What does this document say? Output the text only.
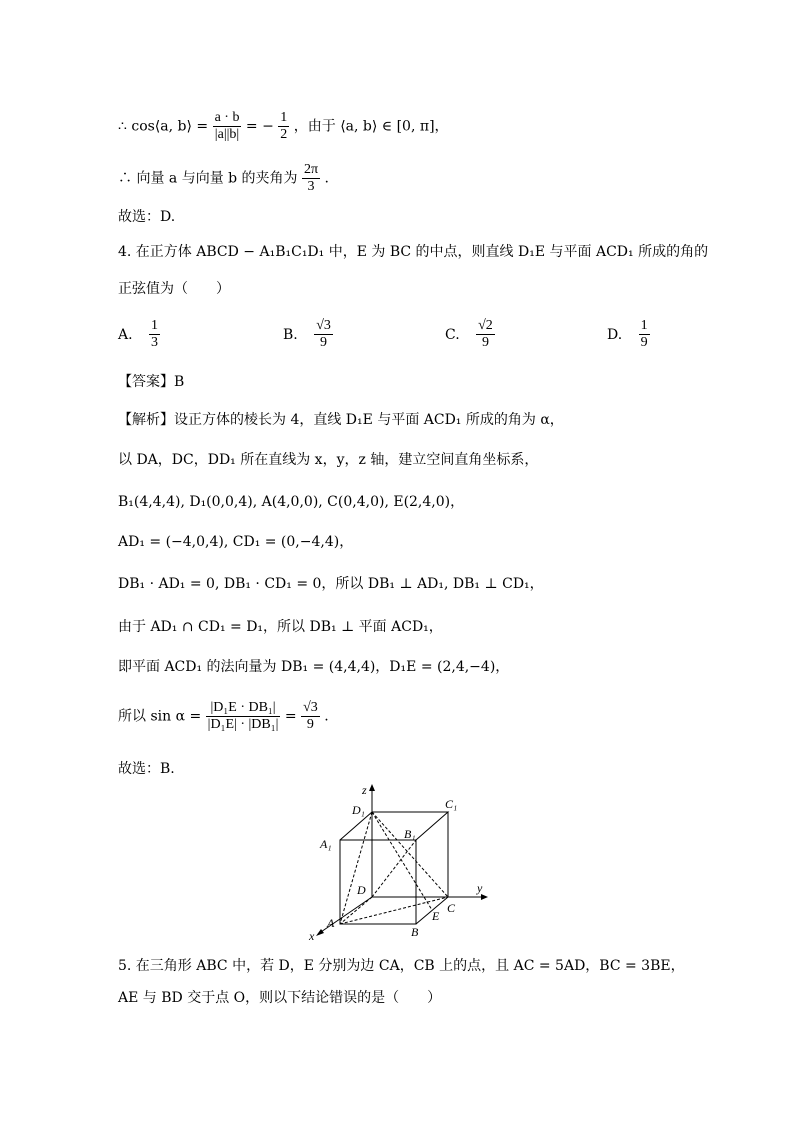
∴ cos⟨a, b⟩ = $\frac{a \cdot b}{|a||b|}$ = − $\frac{1}{2}$ ，由于 ⟨a, b⟩ ∈ [0, π]，
∴ 向量 a 与向量 b 的夹角为 $\frac{2\pi}{3}$ .
故选：D.
4. 在正方体 ABCD − A₁B₁C₁D₁ 中，E 为 BC 的中点，则直线 D₁E 与平面 ACD₁ 所成的角的
正弦值为（　　）
A. $\frac{1}{3}$	B. $\frac{√3}{9}$	C. $\frac{√2}{9}$	D. $\frac{1}{9}$
【答案】B
【解析】设正方体的棱长为 4，直线 D₁E 与平面 ACD₁ 所成的角为 α，
以 DA，DC，DD₁ 所在直线为 x，y，z 轴，建立空间直角坐标系，
B₁(4,4,4), D₁(0,0,4), A(4,0,0), C(0,4,0), E(2,4,0)，
AD₁ = (−4,0,4), CD₁ = (0,−4,4)，
DB₁ · AD₁ = 0, DB₁ · CD₁ = 0，所以 DB₁ ⊥ AD₁, DB₁ ⊥ CD₁，
由于 AD₁ ∩ CD₁ = D₁，所以 DB₁ ⊥ 平面 ACD₁，
即平面 ACD₁ 的法向量为 DB₁ = (4,4,4)，D₁E = (2,4,−4)，
所以 $\sin \alpha = \frac{\text{|D₁E · DB₁|}}{\text{|D₁E| · |DB₁|}} = \frac{√3}{9}$ .
故选：B.
z
y
x
D₁	C₁
A₁
B₁
D
C
A
B
E
5. 在三角形 ABC 中，若 D，E 分别为边 CA，CB 上的点，且 AC = 5AD，BC = 3BE，
AE 与 BD 交于点 O，则以下结论错误的是（　　）
